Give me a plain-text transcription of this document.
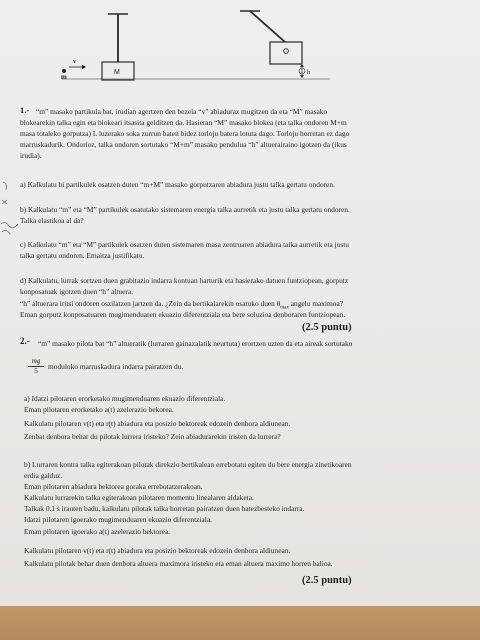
m
v
M	h

1.- “m” masako partikula bat, irudian agertzen den bezela “v” abiaduraz mugitzen da eta “M” masako

blokearekin talka egin eta blokeari itsasita gelditzen da. Hasieran “M” masako blokea (eta talka ondoren M+m

masa totaleko gorputza) L luzerako soka zurrun baten bidez torloju batera lotuta dago. Torloju horretan ez dago

marruskadurik. Ondorioz, talka ondoren sortutako “M+m” masako pendulua “h” altuerairaino igotzen da (ikus

irudia).

a) Kalkulatu bi partikulek osatzen duten “m+M” masako gorputzaren abiadura justu talka gertatu ondoren.

b) Kalkulatu “m” eta “M” partikulek osatutako sistemaren energia talka aurretik eta justu talka gertatu ondoren.

Talka elastikoa al da?

c) Kalkulatu “m” eta “M” partikulek osatzen duten sistemaren masa zentruaren abiadura talka aurretik eta justu

talka gertatu ondoren. Emaitza justifikatu.

d) Kalkulatu, lurrak sortzen duen grabitazio indarra kontuan harturik eta hasierako datuen funtziopean, gorputz

konposatuak igotzen duen “h” altuera.

“h” altuerara iritsi ondoren oszilatzen jartzen da. ¿Zein da bertikalarekin osatuko duen $\theta_{max}$ angelu maximoa?

Eman gorputz konposatuaren mugimenduaren ekuazio diferentziala eta bere soluzioa denboraren funtziopean.

(2.5 puntu)

2.- “m” masako pilota bat “h” altueratik (lurraren gainazalatik neurtuta) erortzen uzten da eta aireak sortutako

$\frac{mg}{5}$ moduloko marruskadura indarra pairatzen du.

a) Idatzi pilotaren erorketako mugimenduaren ekuazio diferentziala.

Eman pilotaren erorketako a(t) azelerazio bekorea.

Kalkulatu pilotaren v(t) eta r(t) abiadura eta posizio bektoreak edozein denbora aldiunean.

Zenbat denbora behar du pilotak lurrera iristeko? Zein abiadurarekin iristen da lurrera?

b) Lurraren kontra talka egiterakoan pilotak direkzio bertikalean errebotatu egiten du bere energia zinetikoaren

erdia galduz.

Eman pilotaren abiadura bektorea goraka errebotatzerakoan.

Kalkulatu lurrarekin talka egiterakoan pilotaren momentu linealaren aldaketa.

Talkak 0.1 s irauten badu, kalkulatu pilotak talka horretan pairatzen duen batezbesteko indarra.

Idatzi pilotaren igoerako mugimenduaren ekuazio diferentziala.

Eman pilotaren igoerako a(t) azelerazio bektorea.

Kalkulatu pilotaren v(t) eta r(t) abiadura eta posizio bektoreak edozein denbora aldiunean.

Kalkulatu pilotak behar duen denbora altuera maximora iristeko eta eman altuera maximo horren balioa.

(2.5 puntu)
